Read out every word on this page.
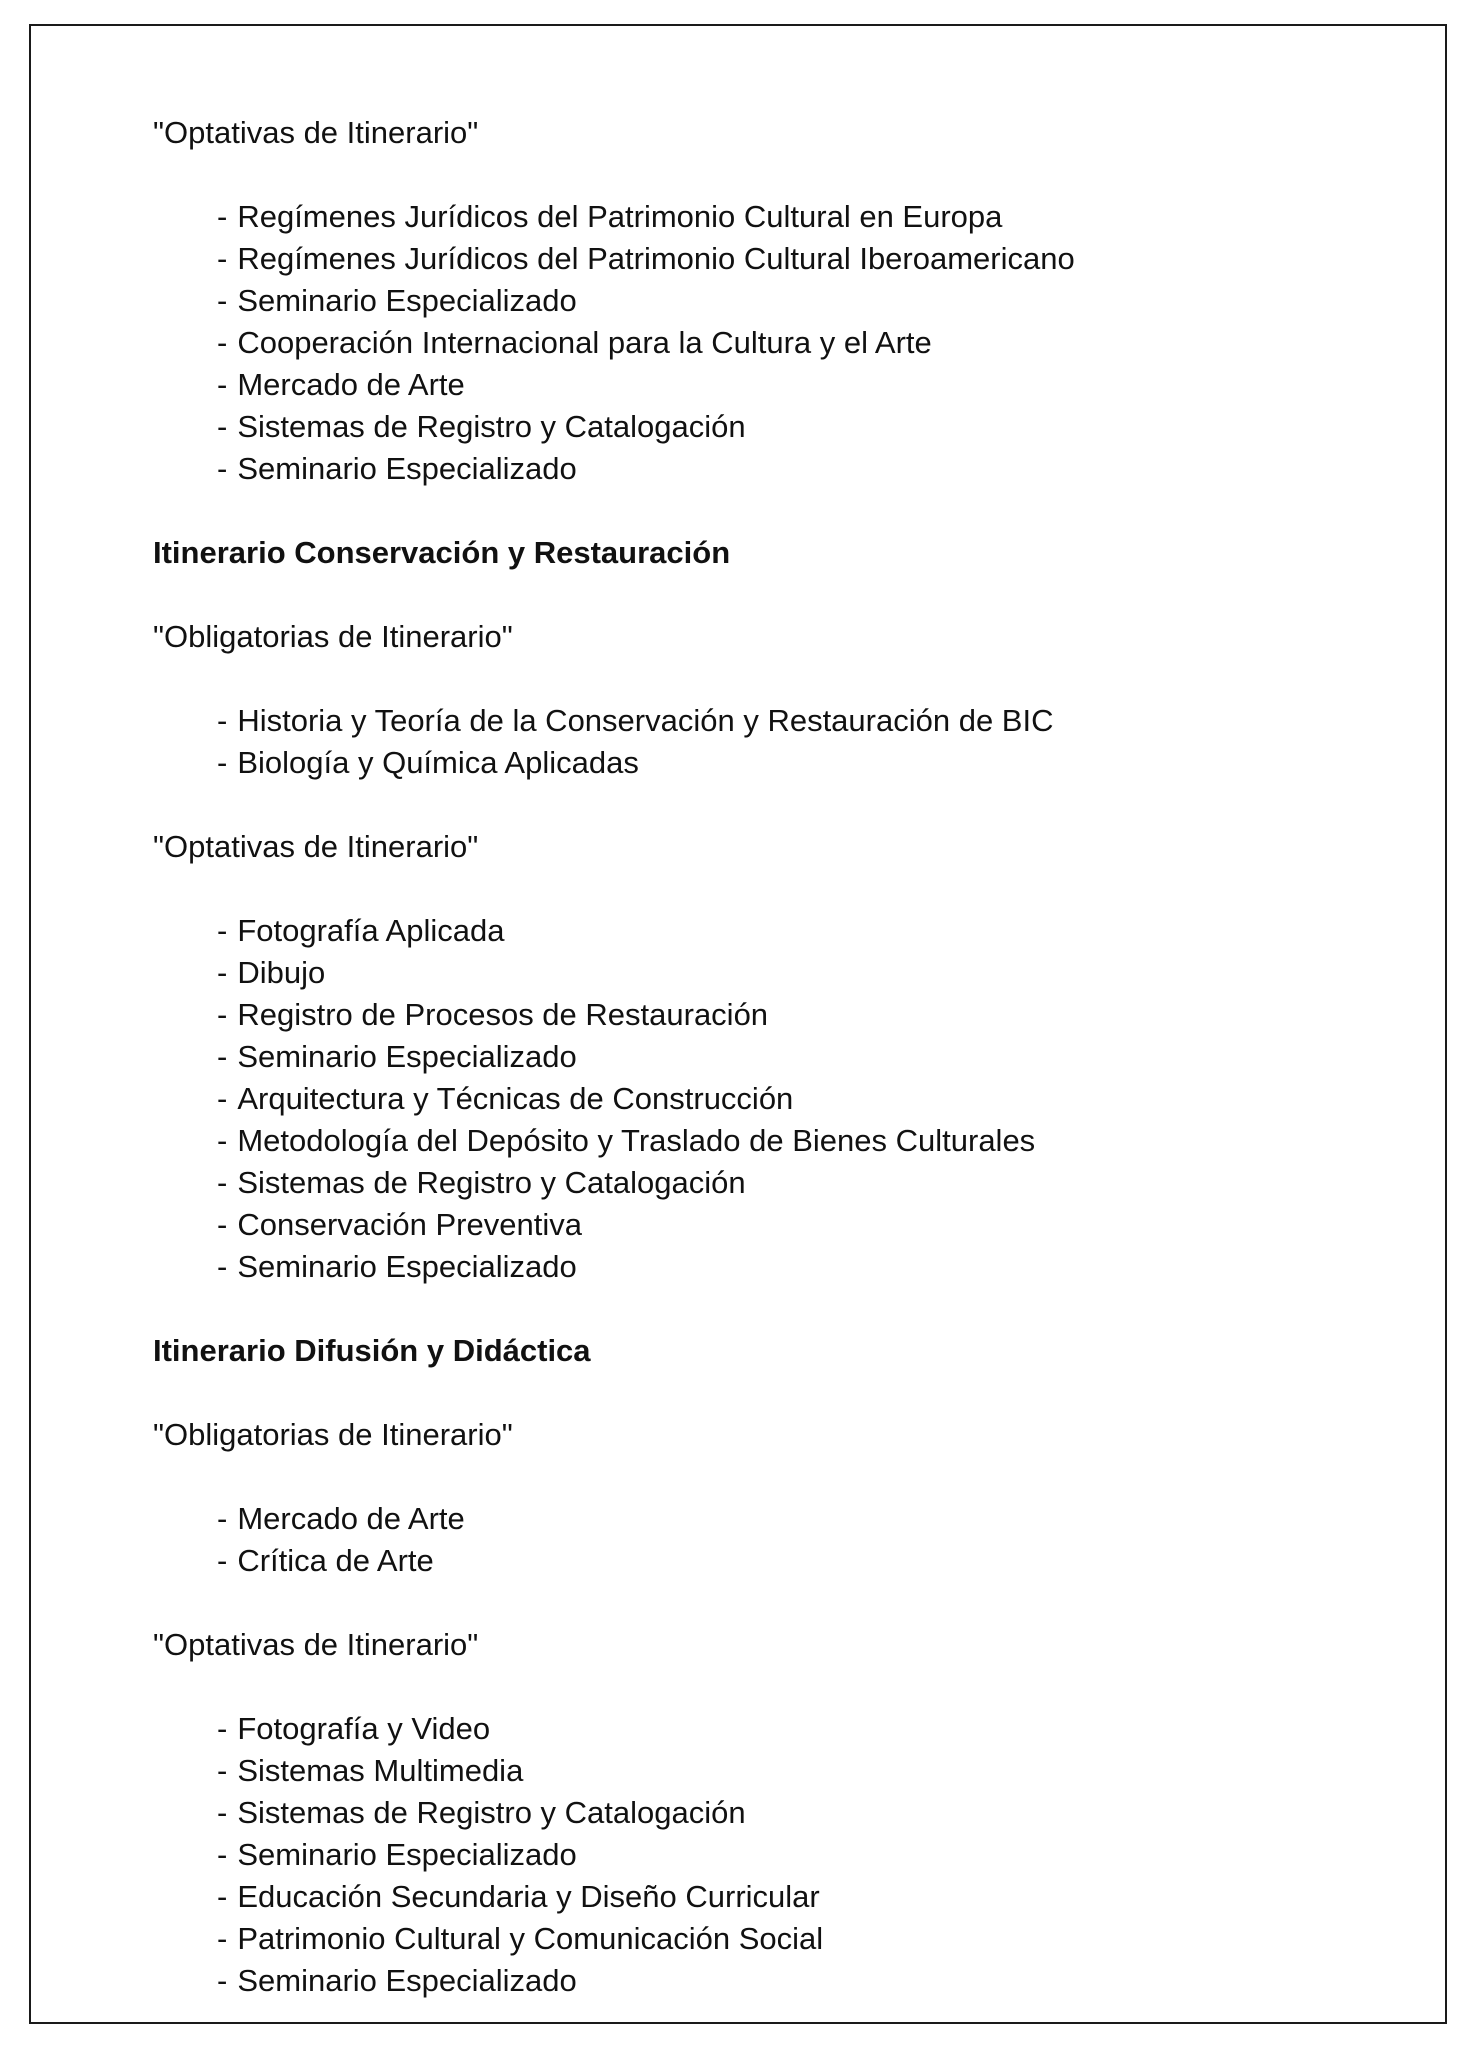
"Optativas de Itinerario"
- Regímenes Jurídicos del Patrimonio Cultural en Europa
- Regímenes Jurídicos del Patrimonio Cultural Iberoamericano
- Seminario Especializado
- Cooperación Internacional para la Cultura y el Arte
- Mercado de Arte
- Sistemas de Registro y Catalogación
- Seminario Especializado
Itinerario Conservación y Restauración
"Obligatorias de Itinerario"
- Historia y Teoría de la Conservación y Restauración de BIC
- Biología y Química Aplicadas
"Optativas de Itinerario"
- Fotografía Aplicada
- Dibujo
- Registro de Procesos de Restauración
- Seminario Especializado
- Arquitectura y Técnicas de Construcción
- Metodología del Depósito y Traslado de Bienes Culturales
- Sistemas de Registro y Catalogación
- Conservación Preventiva
- Seminario Especializado
Itinerario Difusión y Didáctica
"Obligatorias de Itinerario"
- Mercado de Arte
- Crítica de Arte
"Optativas de Itinerario"
- Fotografía y Video
- Sistemas Multimedia
- Sistemas de Registro y Catalogación
- Seminario Especializado
- Educación Secundaria y Diseño Curricular
- Patrimonio Cultural y Comunicación Social
- Seminario Especializado
